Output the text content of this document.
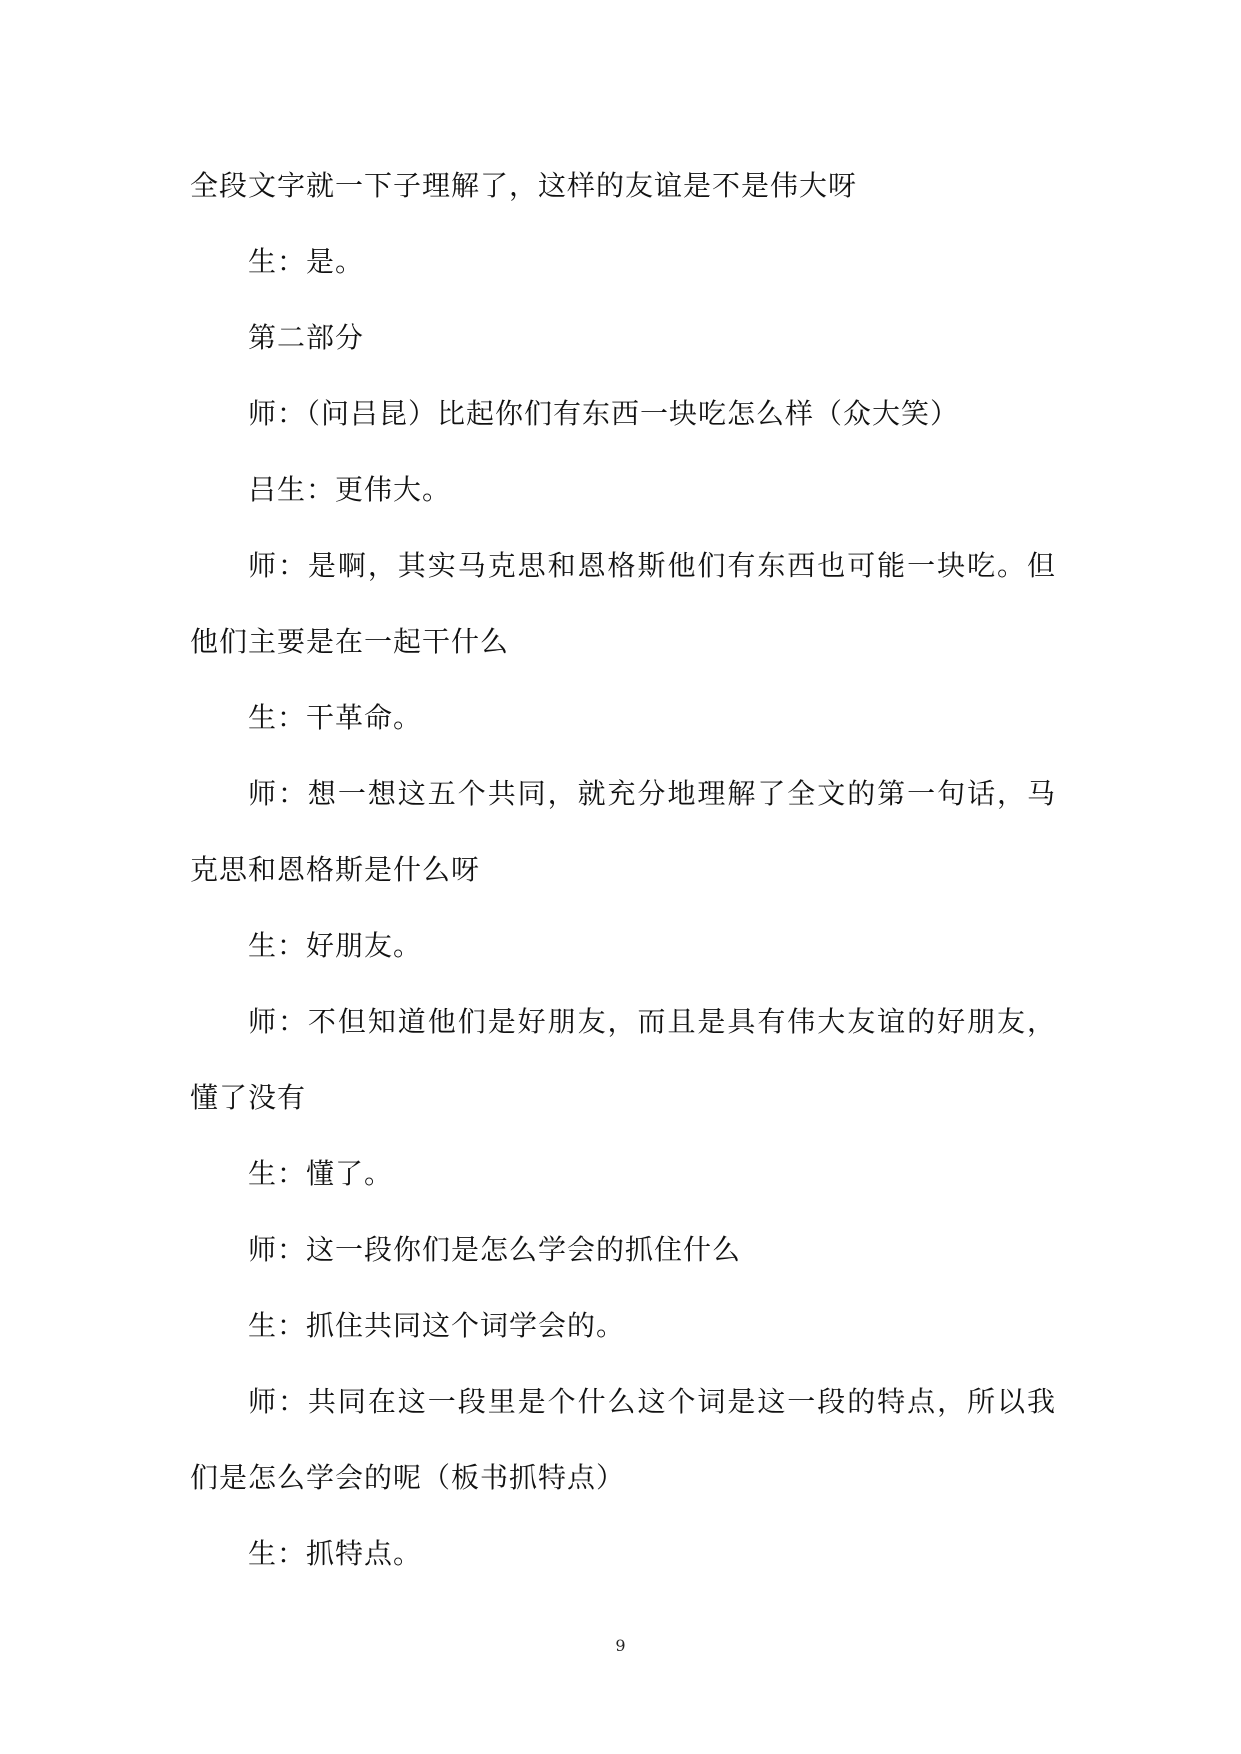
全段文字就一下子理解了，这样的友谊是不是伟大呀

生：是。

第二部分

师：（问吕昆）比起你们有东西一块吃怎么样（众大笑）

吕生：更伟大。

师：是啊，其实马克思和恩格斯他们有东西也可能一块吃。但他们主要是在一起干什么

生：干革命。

师：想一想这五个共同，就充分地理解了全文的第一句话，马克思和恩格斯是什么呀

生：好朋友。

师：不但知道他们是好朋友，而且是具有伟大友谊的好朋友，懂了没有

生：懂了。

师：这一段你们是怎么学会的抓住什么

生：抓住共同这个词学会的。

师：共同在这一段里是个什么这个词是这一段的特点，所以我们是怎么学会的呢（板书抓特点）

生：抓特点。

9
